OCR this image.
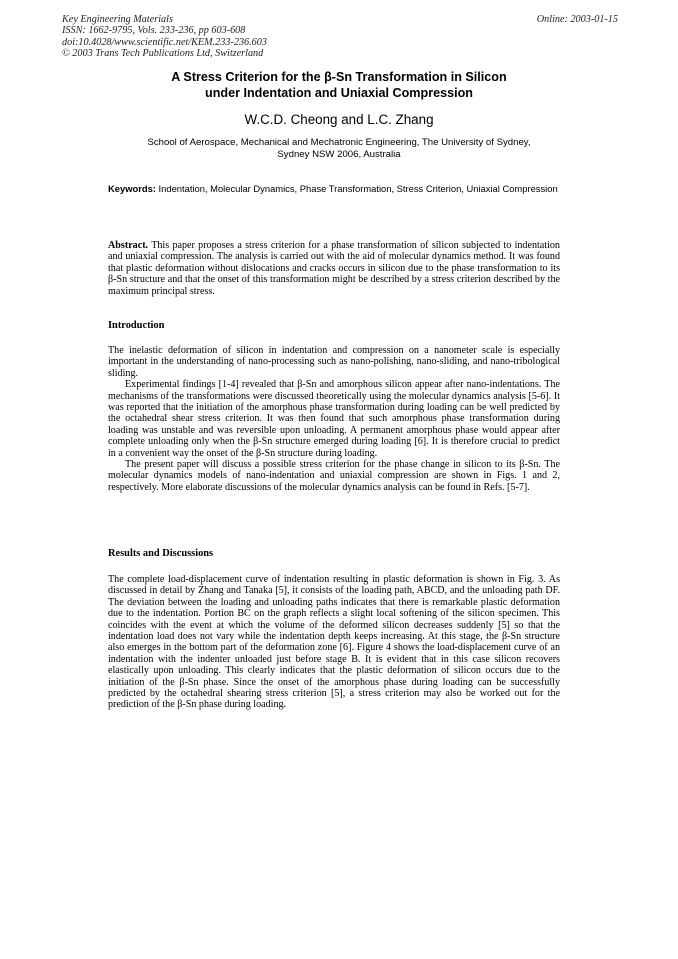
Key Engineering Materials
ISSN: 1662-9795, Vols. 233-236, pp 603-608
doi:10.4028/www.scientific.net/KEM.233-236.603
© 2003 Trans Tech Publications Ltd, Switzerland
Online: 2003-01-15
A Stress Criterion for the β-Sn Transformation in Silicon
under Indentation and Uniaxial Compression
W.C.D. Cheong and L.C. Zhang
School of Aerospace, Mechanical and Mechatronic Engineering, The University of Sydney,
Sydney NSW 2006, Australia
Keywords: Indentation, Molecular Dynamics, Phase Transformation, Stress Criterion, Uniaxial Compression

Abstract. This paper proposes a stress criterion for a phase transformation of silicon subjected to indentation and uniaxial compression. The analysis is carried out with the aid of molecular dynamics method. It was found that plastic deformation without dislocations and cracks occurs in silicon due to the phase transformation to its β-Sn structure and that the onset of this transformation might be described by a stress criterion described by the maximum principal stress.

Introduction

The inelastic deformation of silicon in indentation and compression on a nanometer scale is especially important in the understanding of nano-processing such as nano-polishing, nano-sliding, and nano-tribological sliding.

Experimental findings [1-4] revealed that β-Sn and amorphous silicon appear after nano-indentations. The mechanisms of the transformations were discussed theoretically using the molecular dynamics analysis [5-6]. It was reported that the initiation of the amorphous phase transformation during loading can be well predicted by the octahedral shear stress criterion. It was then found that such amorphous phase transformation during loading was unstable and was reversible upon unloading. A permanent amorphous phase would appear after complete unloading only when the β-Sn structure emerged during loading [6]. It is therefore crucial to predict in a convenient way the onset of the β-Sn structure during loading.

The present paper will discuss a possible stress criterion for the phase change in silicon to its β-Sn. The molecular dynamics models of nano-indentation and uniaxial compression are shown in Figs. 1 and 2, respectively. More elaborate discussions of the molecular dynamics analysis can be found in Refs. [5-7].

Results and Discussions

The complete load-displacement curve of indentation resulting in plastic deformation is shown in Fig. 3. As discussed in detail by Zhang and Tanaka [5], it consists of the loading path, ABCD, and the unloading path DF. The deviation between the loading and unloading paths indicates that there is remarkable plastic deformation due to the indentation. Portion BC on the graph reflects a slight local softening of the silicon specimen. This coincides with the event at which the volume of the deformed silicon decreases suddenly [5] so that the indentation load does not vary while the indentation depth keeps increasing. At this stage, the β-Sn structure also emerges in the bottom part of the deformation zone [6]. Figure 4 shows the load-displacement curve of an indentation with the indenter unloaded just before stage B. It is evident that in this case silicon recovers elastically upon unloading. This clearly indicates that the plastic deformation of silicon occurs due to the initiation of the β-Sn phase. Since the onset of the amorphous phase during loading can be successfully predicted by the octahedral shearing stress criterion [5], a stress criterion may also be worked out for the prediction of the β-Sn phase during loading.
